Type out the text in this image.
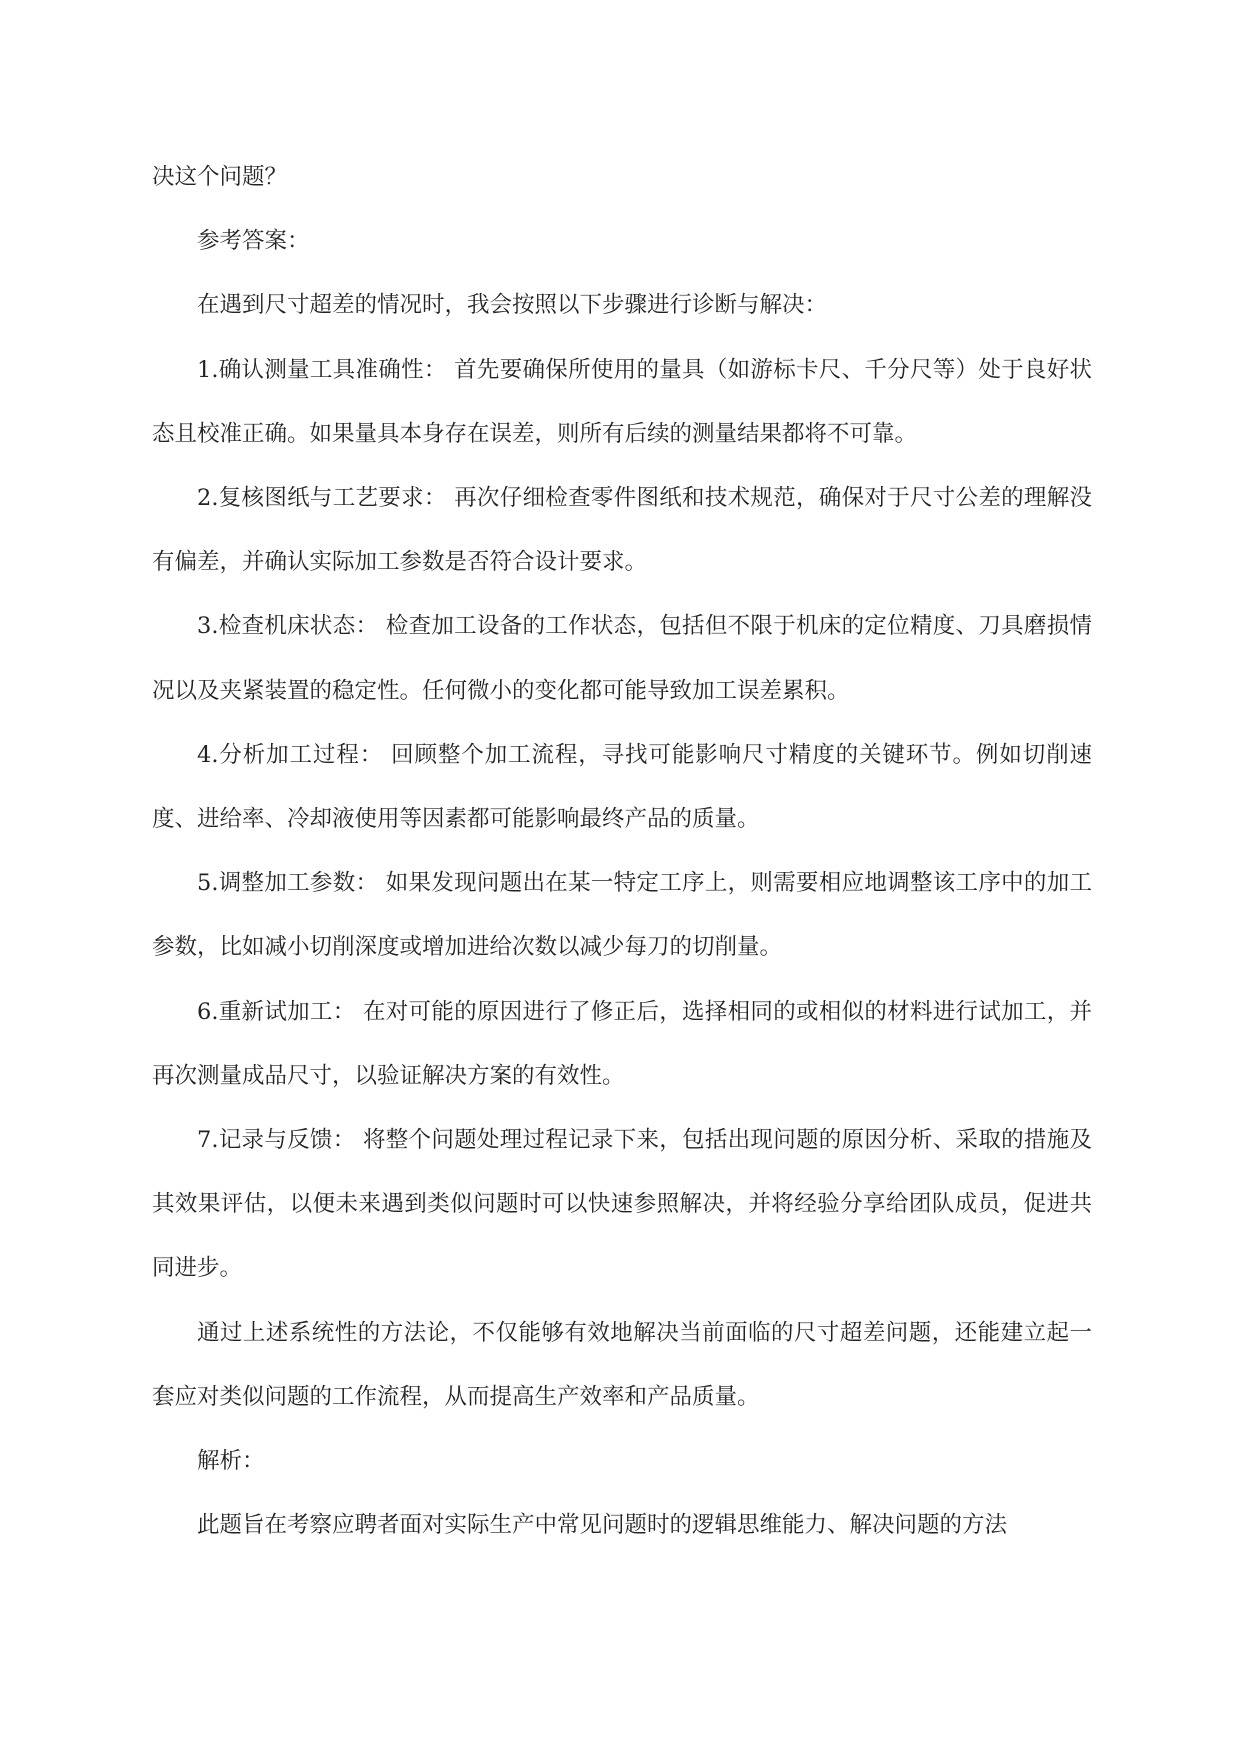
决这个问题？

参考答案：

在遇到尺寸超差的情况时，我会按照以下步骤进行诊断与解决：

1.确认测量工具准确性： 首先要确保所使用的量具（如游标卡尺、千分尺等）处于良好状态且校准正确。如果量具本身存在误差，则所有后续的测量结果都将不可靠。

2.复核图纸与工艺要求： 再次仔细检查零件图纸和技术规范，确保对于尺寸公差的理解没有偏差，并确认实际加工参数是否符合设计要求。

3.检查机床状态： 检查加工设备的工作状态，包括但不限于机床的定位精度、刀具磨损情况以及夹紧装置的稳定性。任何微小的变化都可能导致加工误差累积。

4.分析加工过程： 回顾整个加工流程，寻找可能影响尺寸精度的关键环节。例如切削速度、进给率、冷却液使用等因素都可能影响最终产品的质量。

5.调整加工参数： 如果发现问题出在某一特定工序上，则需要相应地调整该工序中的加工参数，比如减小切削深度或增加进给次数以减少每刀的切削量。

6.重新试加工： 在对可能的原因进行了修正后，选择相同的或相似的材料进行试加工，并再次测量成品尺寸，以验证解决方案的有效性。

7.记录与反馈： 将整个问题处理过程记录下来，包括出现问题的原因分析、采取的措施及其效果评估，以便未来遇到类似问题时可以快速参照解决，并将经验分享给团队成员，促进共同进步。

通过上述系统性的方法论，不仅能够有效地解决当前面临的尺寸超差问题，还能建立起一套应对类似问题的工作流程，从而提高生产效率和产品质量。

解析：

此题旨在考察应聘者面对实际生产中常见问题时的逻辑思维能力、解决问题的方法
